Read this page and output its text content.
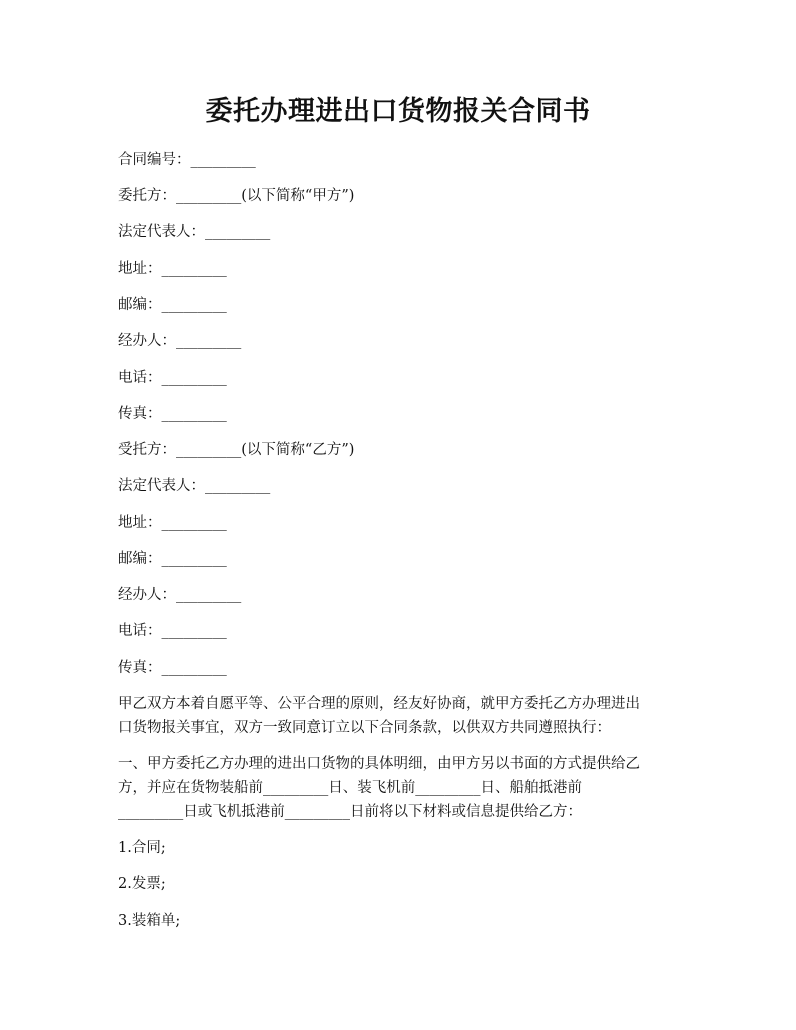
委托办理进出口货物报关合同书
合同编号：_________
委托方：_________(以下简称“甲方”)
法定代表人：_________
地址：_________
邮编：_________
经办人：_________
电话：_________
传真：_________
受托方：_________(以下简称“乙方”)
法定代表人：_________
地址：_________
邮编：_________
经办人：_________
电话：_________
传真：_________
甲乙双方本着自愿平等、公平合理的原则，经友好协商，就甲方委托乙方办理进出
口货物报关事宜，双方一致同意订立以下合同条款，以供双方共同遵照执行：
一、甲方委托乙方办理的进出口货物的具体明细，由甲方另以书面的方式提供给乙
方，并应在货物装船前_________日、装飞机前_________日、船舶抵港前
_________日或飞机抵港前_________日前将以下材料或信息提供给乙方：
1.合同;
2.发票;
3.装箱单;
